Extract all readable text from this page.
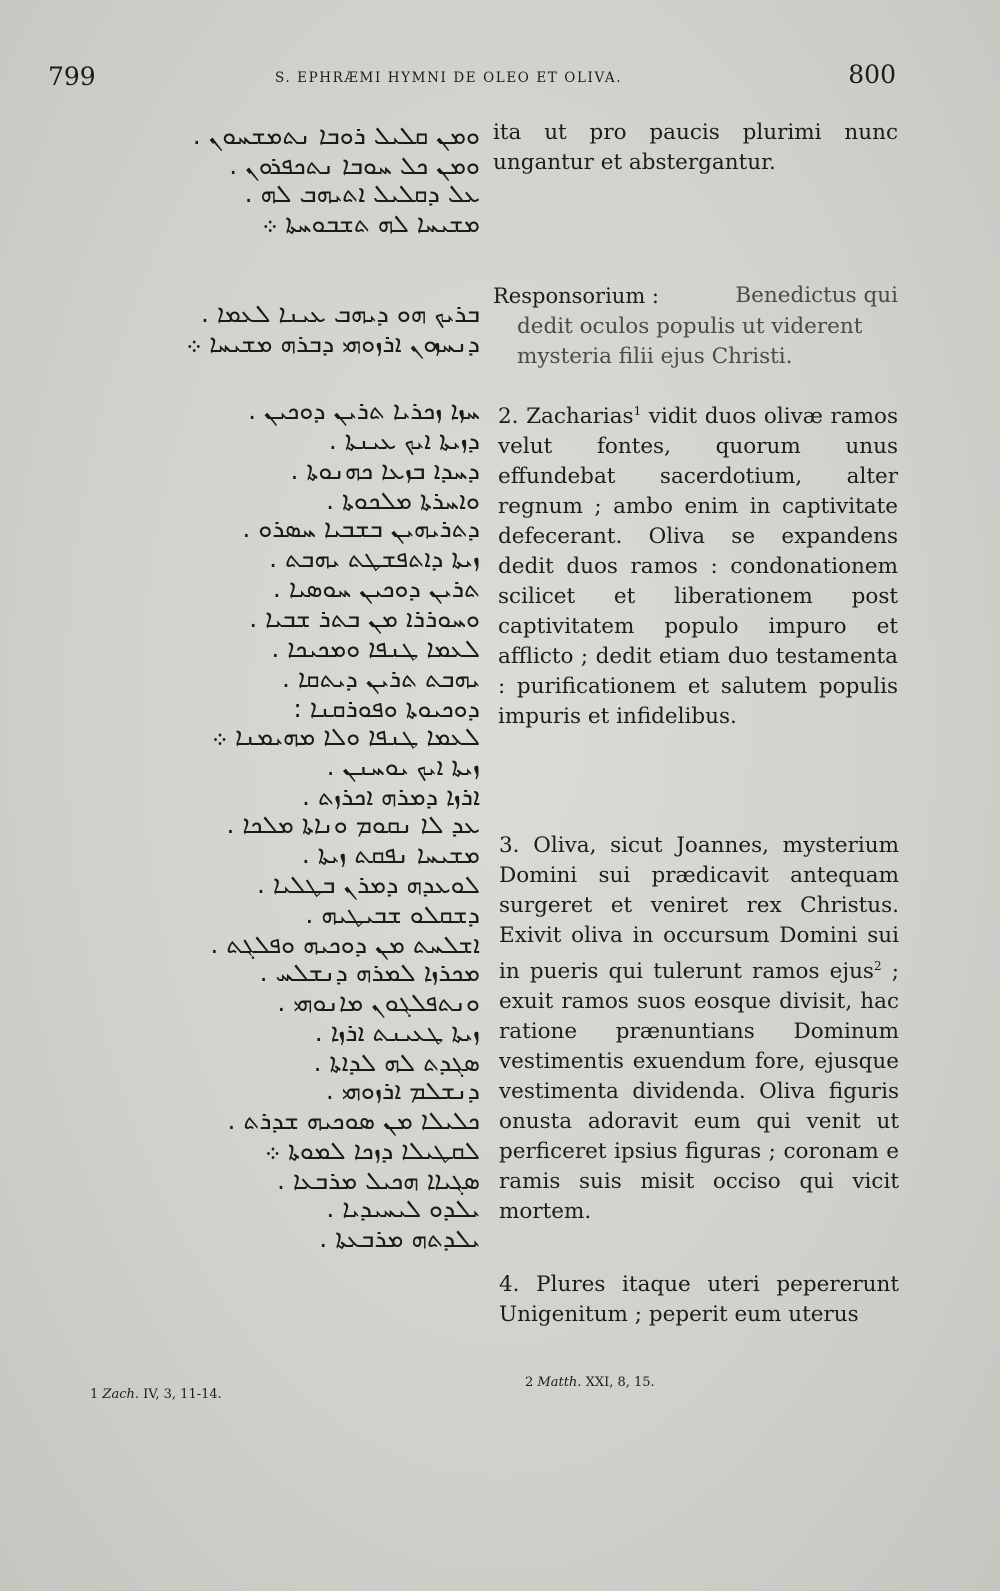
799	S. EPHRÆMI HYMNI DE OLEO ET OLIVA.	800
ܘܡܢ ܩܠܝܠ ܪܘܒܐ ܢܬܡܫܚܘܢ .
ܘܡܢ ܟܠ ܚܘܒܐ ܢܬܟܦܪܘܢ .
ܥܠ ܕܩܠܝܠ ܐܬܝܗܒ ܠܗ .
ܡܫܝܚܐ ܠܗ ܬܫܒܘܚܬܐ ܀
ܒܪܝܟ ܗܘ ܕܝܗܒ ܥܝܢܐ ܠܥܡܐ .
ܕܢܚܙܘܢ ܐܪܙܘܗܝ ܕܒܪܗ ܡܫܝܚܐ ܀
ܚܙܐ ܙܟܪܝܐ ܬܪܝܢ ܕܘܟܝܢ .
ܕܙܝܬܐ ܐܝܟ ܥܝܢܬܐ .
ܕܚܕܐ ܒܙܥܐ ܟܗܢܘܬܐ .
ܘܐܚܪܬܐ ܡܠܟܘܬܐ .
ܕܬܪܝܗܝܢ ܒܫܒܝܐ ܚܣܪܘ .
ܙܝܬܐ ܕܐܬܦܫܛܬ ܝܗܒܬ .
ܬܪܝܢ ܕܘܟܝܢ ܚܘܣܝܐ .
ܘܚܘܪܪܐ ܡܢ ܒܬܪ ܫܒܝܐ .
ܠܥܡܐ ܛܢܦܐ ܘܡܟܝܟܐ .
ܝܗܒܬ ܬܪܝܢ ܕܝܬܩܐ .
ܕܘܟܝܘܬܐ ܘܦܘܪܩܢܐ :
ܠܥܡܐ ܛܢܦܐ ܘܠܐ ܡܗܝܡܢܐ ܀
ܙܝܬܐ ܐܝܟ ܝܘܚܢܢ .
ܐܪܙܐ ܕܡܪܗ ܐܟܪܙܬ .
ܥܕ ܠܐ ܢܩܘܡ ܘܢܐܬܐ ܡܠܟܐ .
ܡܫܝܚܐ ܢܦܩܬ ܙܝܬܐ .
ܠܘܥܕܗ ܕܡܪܢ ܒܛܠܝܐ .
ܕܫܩܠܘ ܫܒܝܛܝܗ .
ܐܫܠܚܬ ܡܢ ܕܘܟܝܗ ܘܦܠܓܬ .
ܡܟܪܙܐ ܠܡܪܗ ܕܢܫܠܚ .
ܘܢܬܦܠܓܘܢ ܡܐܢܘܗܝ .
ܙܝܬܐ ܛܥܝܢܬ ܐܪܙܐ .
ܣܓܕܬ ܠܗ ܠܕܐܬܐ .
ܕܢܫܠܡ ܐܪܙܘܗܝ .
ܟܠܝܠܐ ܡܢ ܣܘܟܝܗ ܫܕܪܬ .
ܠܩܛܝܠܐ ܕܙܟܐ ܠܡܘܬܐ ܀
ܣܓܝܐܐ ܗܟܝܠ ܡܪܒܥܐ .
ܝܠܕܘ ܠܝܚܝܕܝܐ .
ܝܠܕܬܗ ܡܪܒܥܬܐ .

ita ut pro paucis plurimi nunc ungantur et abstergantur.

Responsorium :	Benedictus qui
dedit oculos populis ut viderent
mysteria filii ejus Christi.

2. Zacharias$^1$ vidit duos olivæ ramos velut fontes, quorum unus effundebat sacerdotium, alter regnum ; ambo enim in captivitate defecerant. Oliva se expandens dedit duos ramos : condonationem scilicet et liberationem post captivitatem populo impuro et afflicto ; dedit etiam duo testamenta : purificationem et salutem populis impuris et infidelibus.

3. Oliva, sicut Joannes, mysterium Domini sui prædicavit antequam surgeret et veniret rex Christus. Exivit oliva in occursum Domini sui in pueris qui tulerunt ramos ejus$^2$ ; exuit ramos suos eosque divisit, hac ratione prænuntians Dominum vestimentis exuendum fore, ejusque vestimenta dividenda. Oliva figuris onusta adoravit eum qui venit ut perficeret ipsius figuras ; coronam e ramis suis misit occiso qui vicit mortem.

4. Plures itaque uteri pepererunt Unigenitum ; peperit eum uterus

1 Zach. IV, 3, 11-14.
2 Matth. XXI, 8, 15.
